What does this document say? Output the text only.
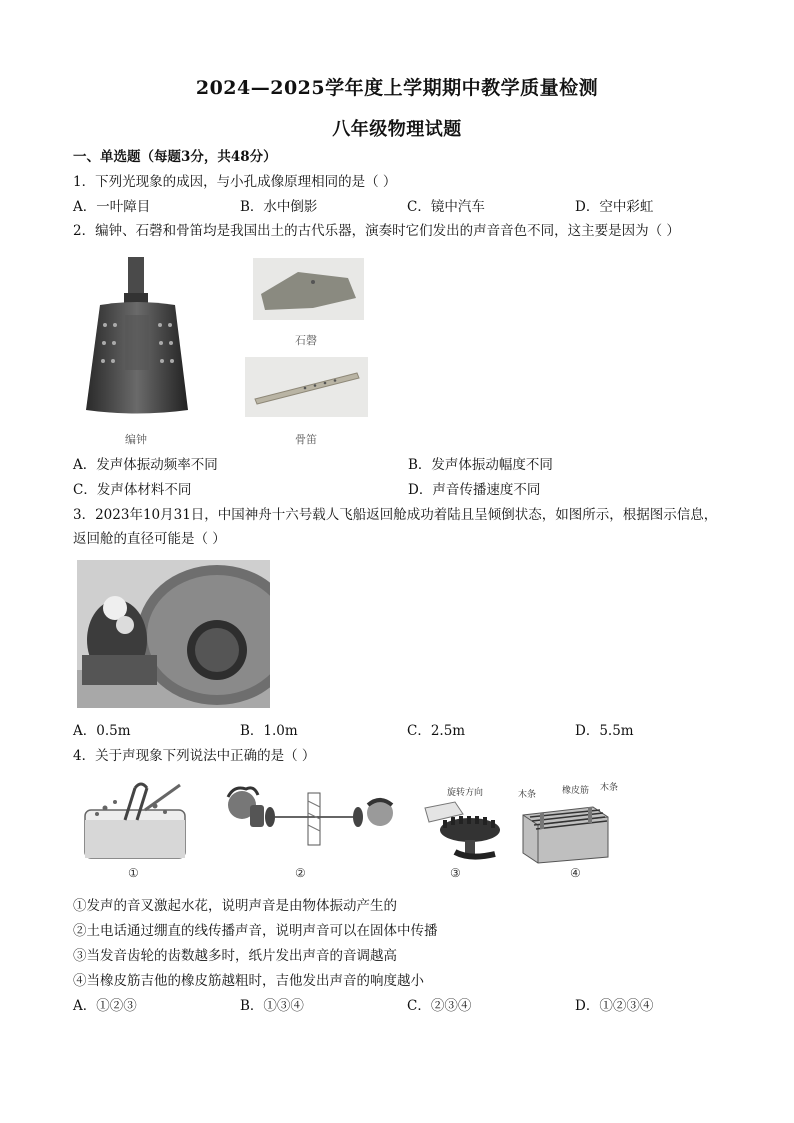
2024—2025学年度上学期期中教学质量检测
八年级物理试题
一、单选题（每题3分，共48分）
1．下列光现象的成因，与小孔成像原理相同的是（ ）
A．一叶障目	B．水中倒影	C．镜中汽车	D．空中彩虹
2．编钟、石磬和骨笛均是我国出土的古代乐器，演奏时它们发出的声音音色不同，这主要是因为（ ）
编钟
石磬
骨笛
A．发声体振动频率不同	B．发声体振动幅度不同
C．发声体材料不同	D．声音传播速度不同
3．2023年10月31日，中国神舟十六号载人飞船返回舱成功着陆且呈倾倒状态，如图所示，根据图示信息，
返回舱的直径可能是（ ）
A．0.5m	B．1.0m	C．2.5m	D．5.5m
4．关于声现象下列说法中正确的是（ ）
①	②
旋转方向
③
木条	橡皮筋 木条
④
①发声的音叉激起水花，说明声音是由物体振动产生的
②土电话通过绷直的线传播声音，说明声音可以在固体中传播
③当发音齿轮的齿数越多时，纸片发出声音的音调越高
④当橡皮筋吉他的橡皮筋越粗时，吉他发出声音的响度越小
A．①②③	B．①③④	C．②③④	D．①②③④
